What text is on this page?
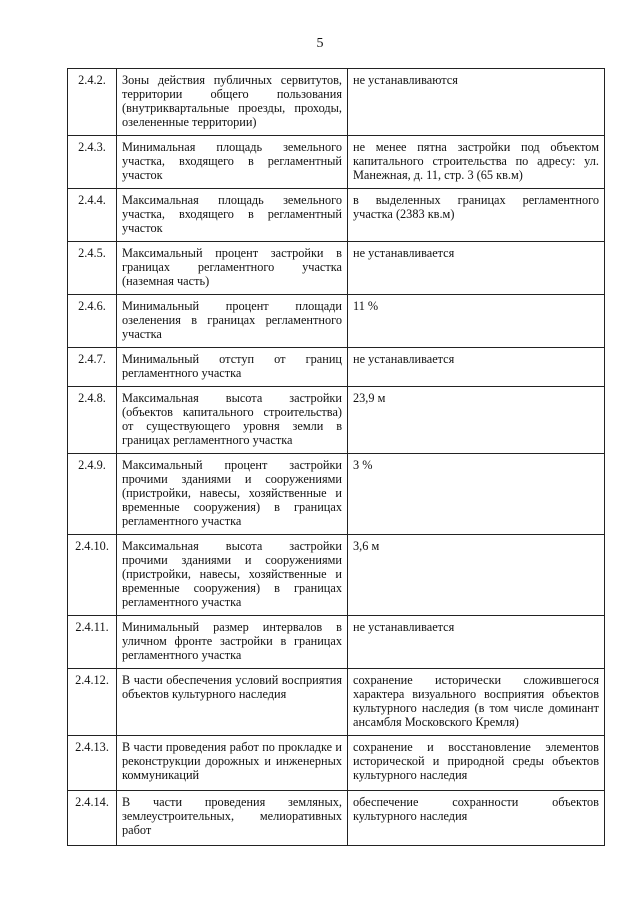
5
2.4.2.	Зоны действия публичных сервитутов, территории общего пользования (внутриквартальные проезды, проходы, озелененные территории)	не устанавливаются
2.4.3.	Минимальная площадь земельного участка, входящего в регламентный участок	не менее пятна застройки под объектом капитального строительства по адресу: ул. Манежная, д. 11, стр. 3 (65 кв.м)
2.4.4.	Максимальная площадь земельного участка, входящего в регламентный участок	в выделенных границах регламентного участка (2383 кв.м)
2.4.5.	Максимальный процент застройки в границах регламентного участка (наземная часть)	не устанавливается
2.4.6.	Минимальный процент площади озеленения в границах регламентного участка	11 %
2.4.7.	Минимальный отступ от границ регламентного участка	не устанавливается
2.4.8.	Максимальная высота застройки (объектов капитального строительства) от существующего уровня земли в границах регламентного участка	23,9 м
2.4.9.	Максимальный процент застройки прочими зданиями и сооружениями (пристройки, навесы, хозяйственные и временные сооружения) в границах регламентного участка	3 %
2.4.10.	Максимальная высота застройки прочими зданиями и сооружениями (пристройки, навесы, хозяйственные и временные сооружения) в границах регламентного участка	3,6 м
2.4.11.	Минимальный размер интервалов в уличном фронте застройки в границах регламентного участка	не устанавливается
2.4.12.	В части обеспечения условий восприятия объектов культурного наследия	сохранение исторически сложившегося характера визуального восприятия объектов культурного наследия (в том числе доминант ансамбля Московского Кремля)
2.4.13.	В части проведения работ по прокладке и реконструкции дорожных и инженерных коммуникаций	сохранение и восстановление элементов исторической и природной среды объектов культурного наследия
2.4.14.	В части проведения земляных, землеустроительных, мелиоративных работ	обеспечение сохранности объектов культурного наследия
